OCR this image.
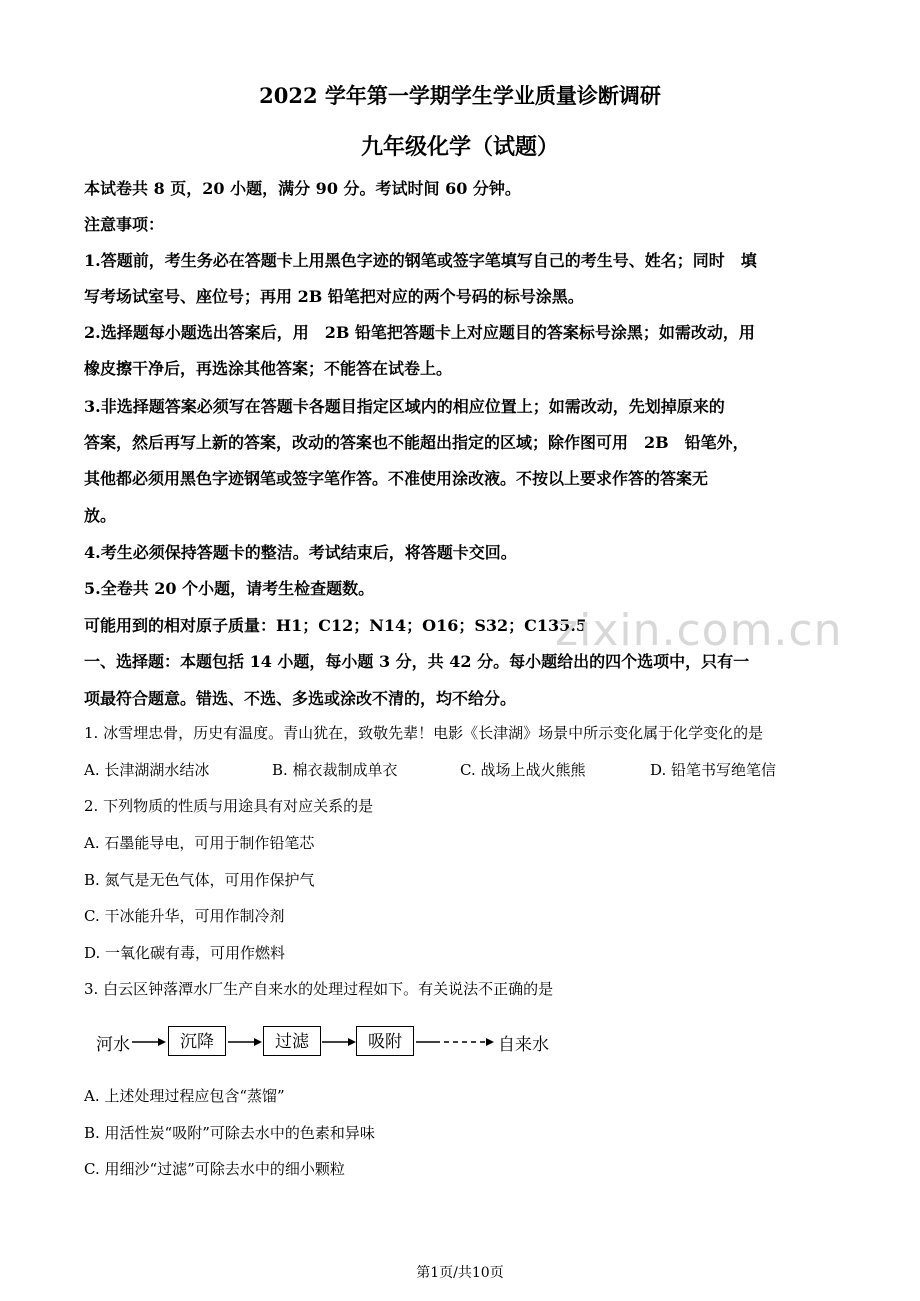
2022 学年第一学期学生学业质量诊断调研
九年级化学（试题）
本试卷共 8 页，20 小题，满分 90 分。考试时间 60 分钟。
注意事项：
1.答题前，考生务必在答题卡上用黑色字迹的钢笔或签字笔填写自己的考生号、姓名；同时　填
写考场试室号、座位号；再用 2B 铅笔把对应的两个号码的标号涂黑。
2.选择题每小题选出答案后，用　2B 铅笔把答题卡上对应题目的答案标号涂黑；如需改动，用
橡皮擦干净后，再选涂其他答案；不能答在试卷上。
3.非选择题答案必须写在答题卡各题目指定区域内的相应位置上；如需改动，先划掉原来的
答案，然后再写上新的答案，改动的答案也不能超出指定的区域；除作图可用　2B　铅笔外，
其他都必须用黑色字迹钢笔或签字笔作答。不准使用涂改液。不按以上要求作答的答案无
放。
4.考生必须保持答题卡的整洁。考试结束后，将答题卡交回。
5.全卷共 20 个小题，请考生检查题数。
可能用到的相对原子质量：H1；C12；N14；O16；S32；C135.5
一、选择题：本题包括 14 小题，每小题 3 分，共 42 分。每小题给出的四个选项中，只有一
项最符合题意。错选、不选、多选或涂改不清的，均不给分。
zixin.com.cn
1. 冰雪埋忠骨，历史有温度。青山犹在，致敬先辈！电影《长津湖》场景中所示变化属于化学变化的是
A. 长津湖湖水结冰	B. 棉衣裁制成单衣	C. 战场上战火熊熊	D. 铅笔书写绝笔信
2. 下列物质的性质与用途具有对应关系的是
A. 石墨能导电，可用于制作铅笔芯
B. 氮气是无色气体，可用作保护气
C. 干冰能升华，可用作制冷剂
D. 一氧化碳有毒，可用作燃料
3. 白云区钟落潭水厂生产自来水的处理过程如下。有关说法不正确的是
河水	沉降	过滤	吸附	自来水
A. 上述处理过程应包含“蒸馏”
B. 用活性炭“吸附”可除去水中的色素和异味
C. 用细沙“过滤”可除去水中的细小颗粒
第1页/共10页
